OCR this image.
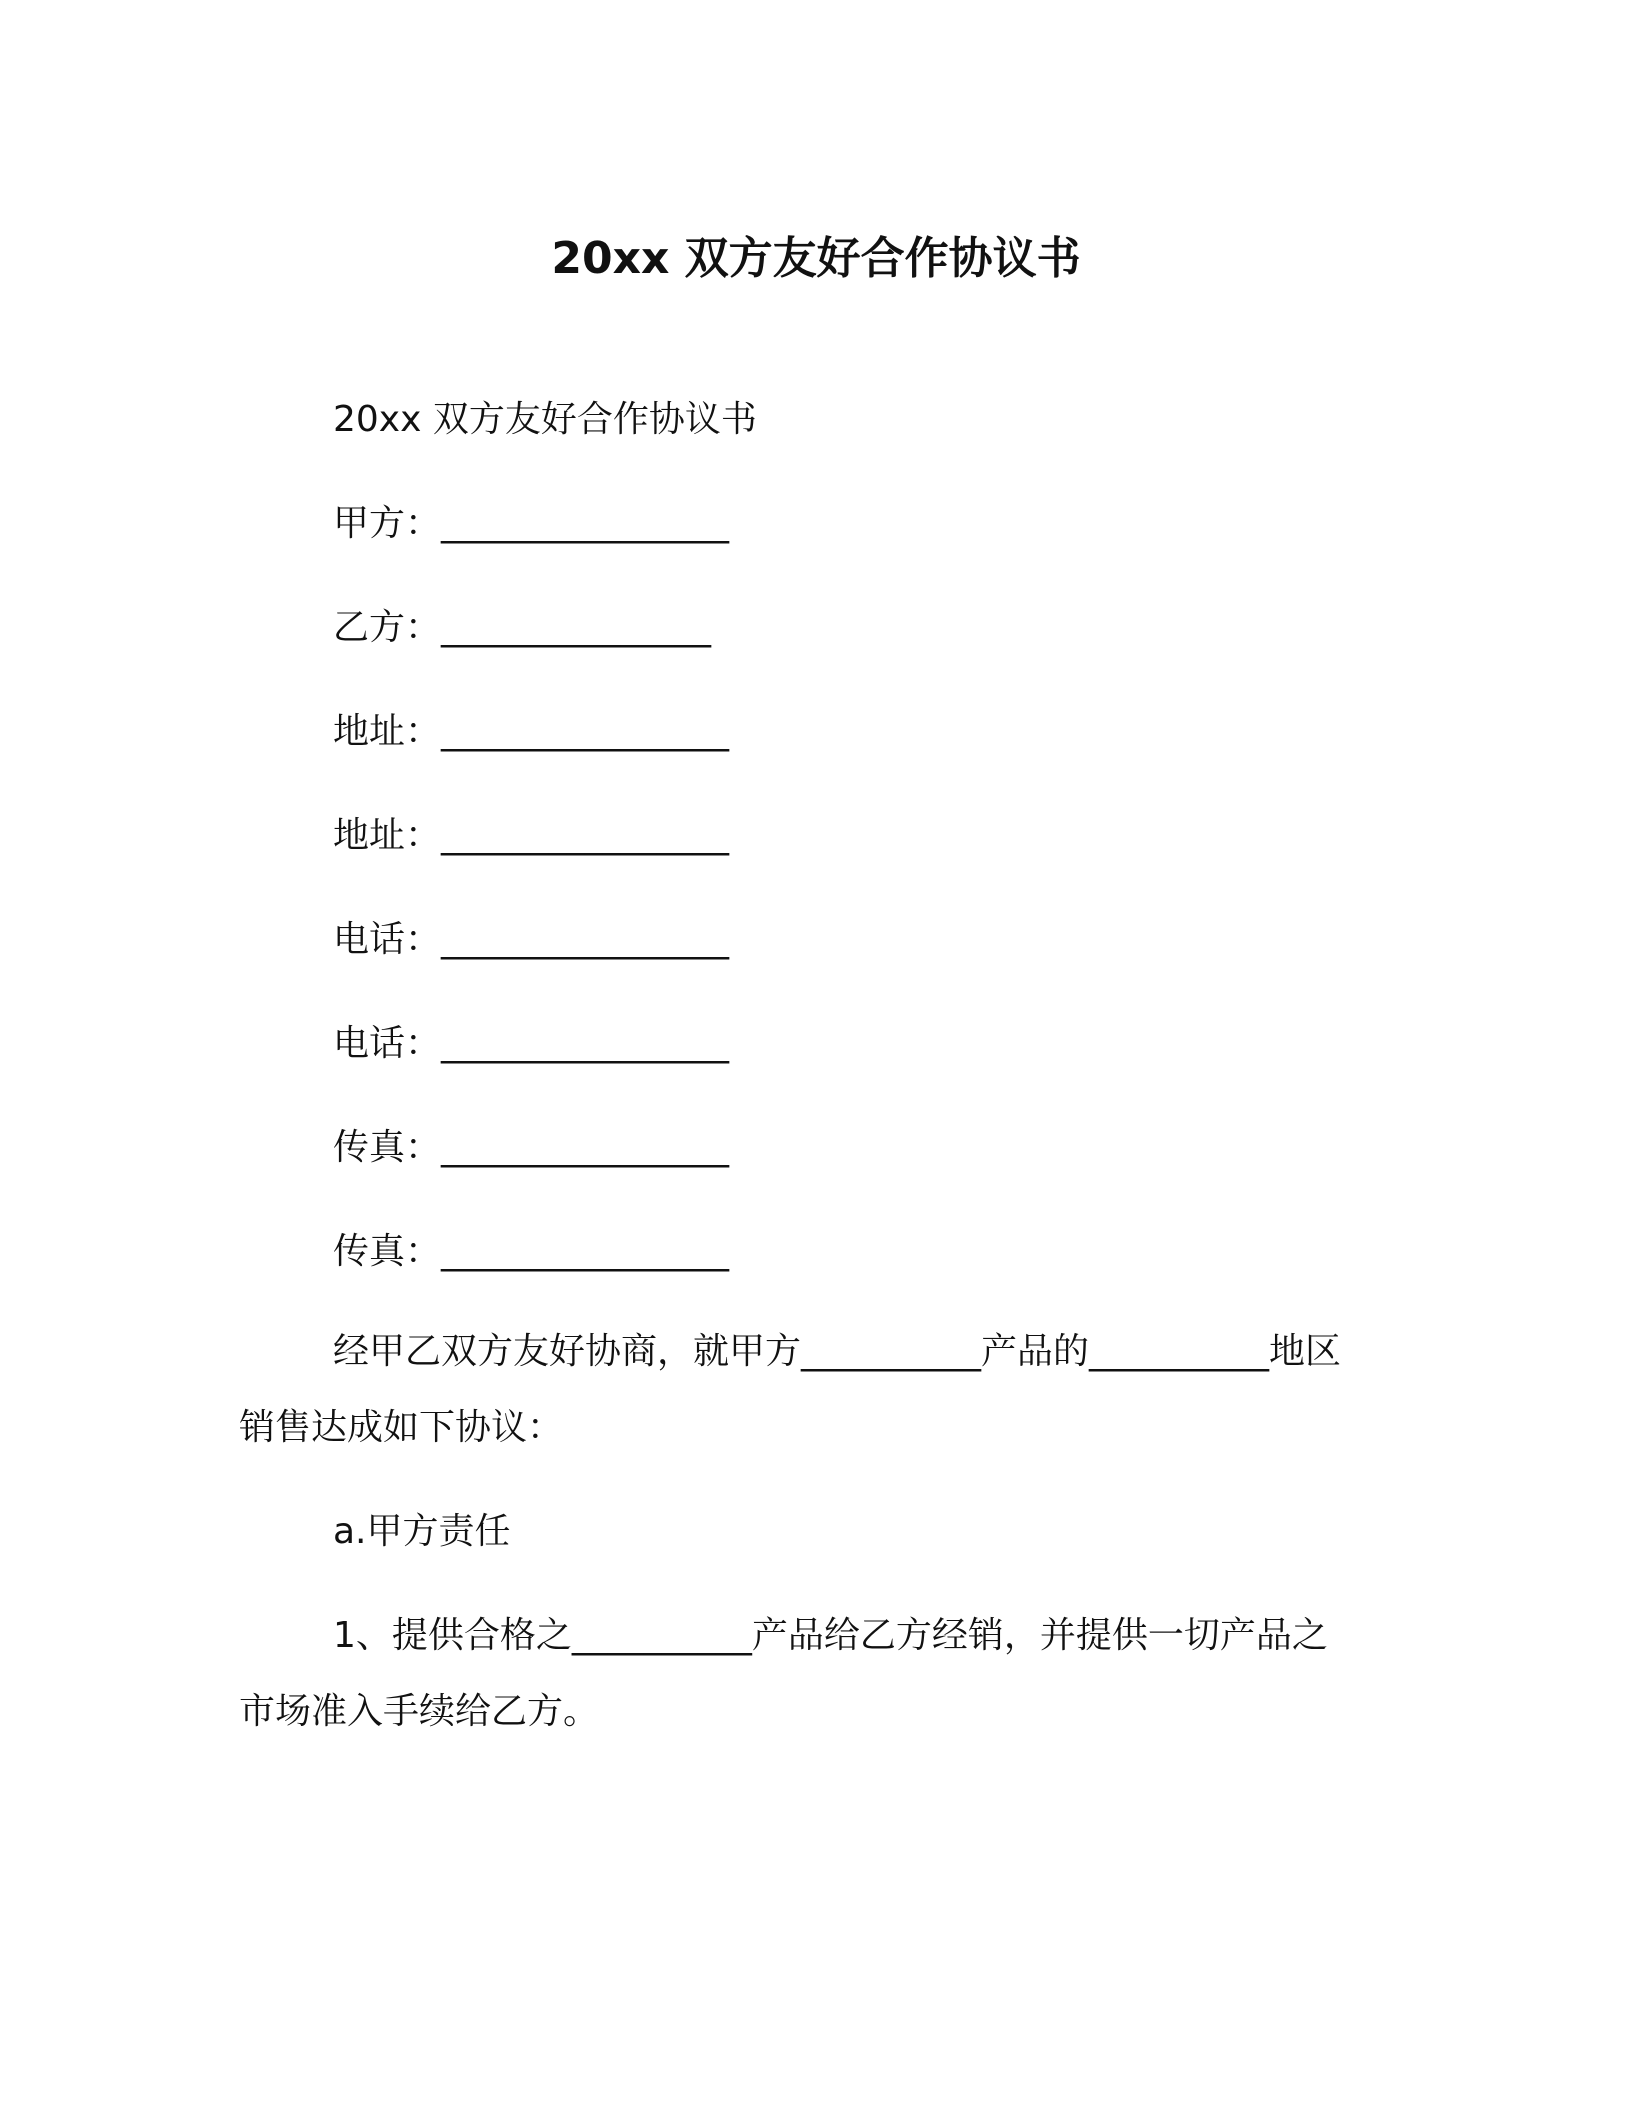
20xx 双方友好合作协议书
20xx 双方友好合作协议书
甲方：________________
乙方：_______________
地址：________________
地址：________________
电话：________________
电话：________________
传真：________________
传真：________________
经甲乙双方友好协商，就甲方__________产品的__________地区
销售达成如下协议：
a.甲方责任
1、提供合格之__________产品给乙方经销，并提供一切产品之
市场准入手续给乙方。
